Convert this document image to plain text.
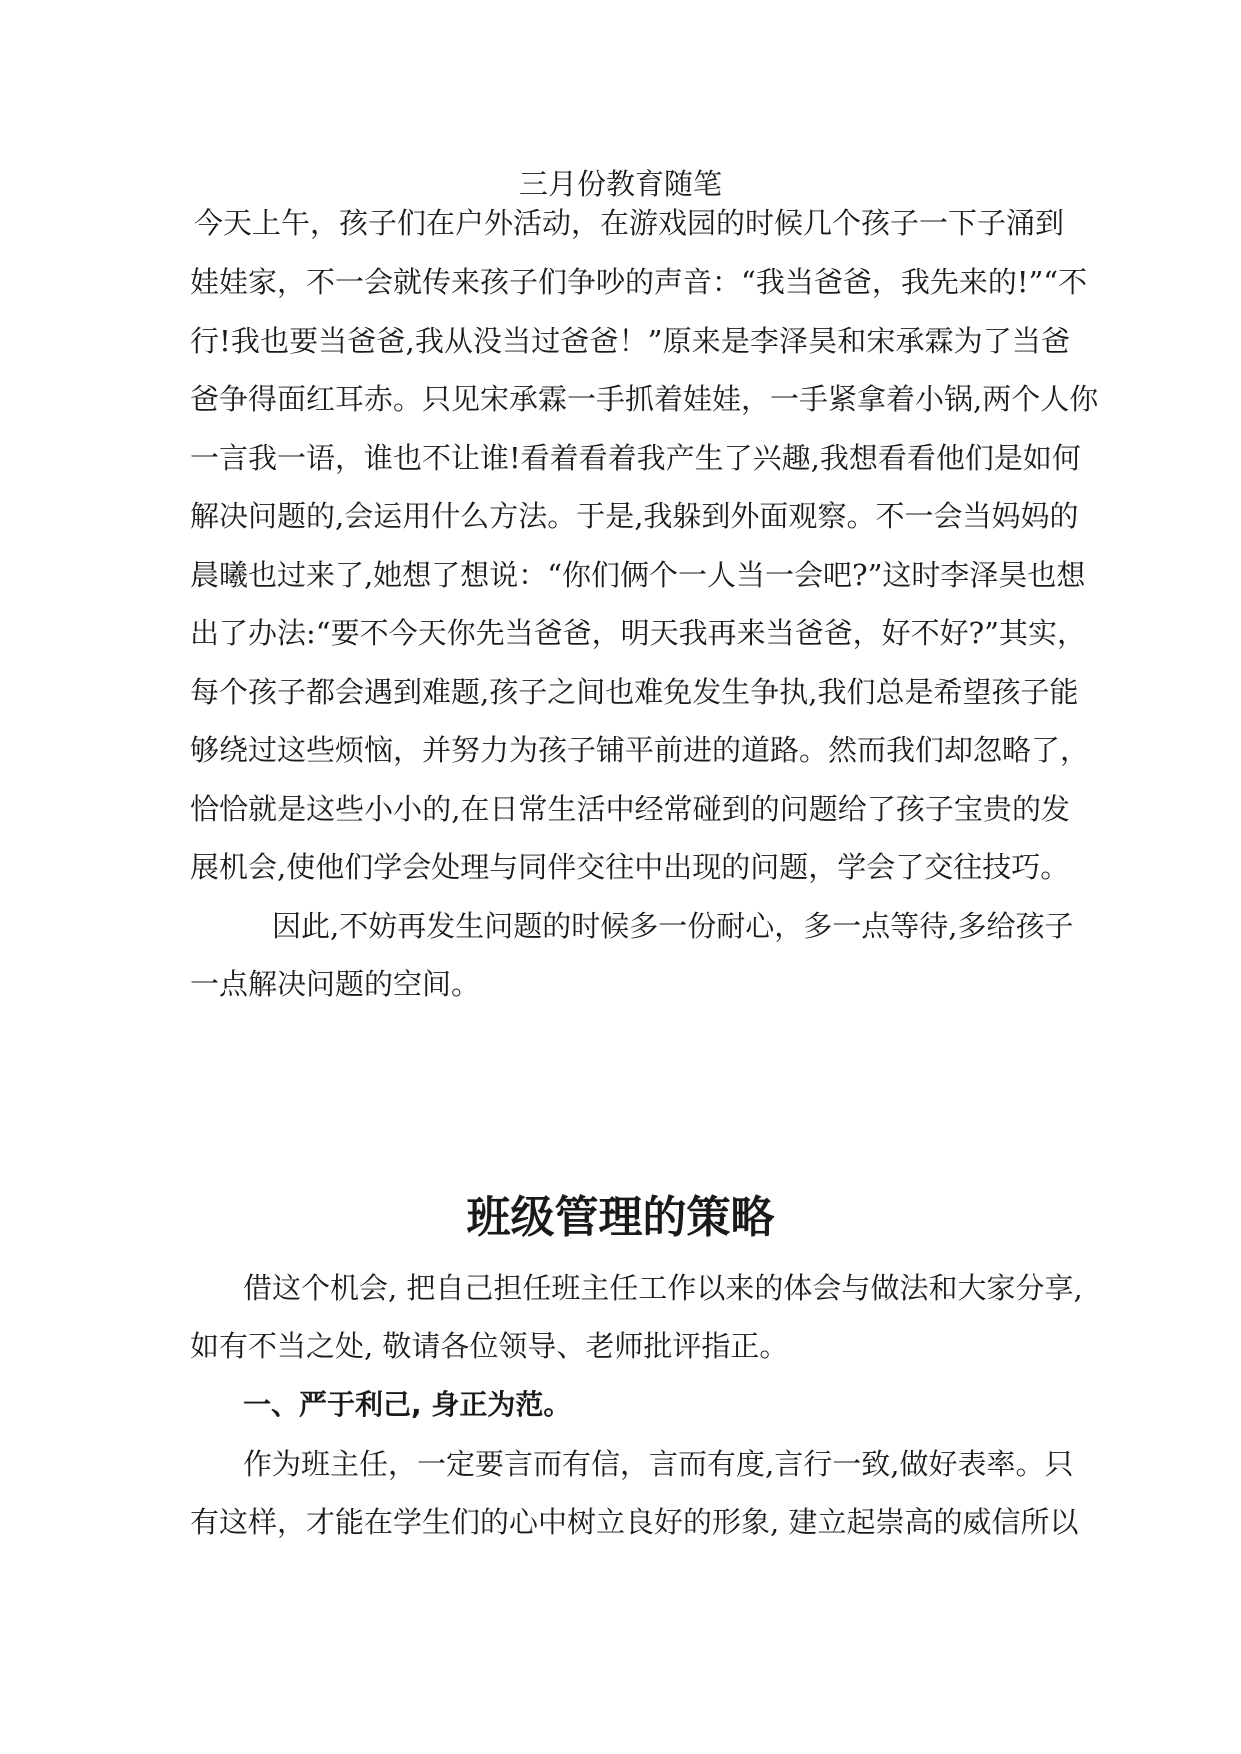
三月份教育随笔
今天上午，孩子们在户外活动，在游戏园的时候几个孩子一下子涌到
娃娃家，不一会就传来孩子们争吵的声音：“我当爸爸，我先来的!”“不
行!我也要当爸爸,我从没当过爸爸！”原来是李泽昊和宋承霖为了当爸
爸争得面红耳赤。只见宋承霖一手抓着娃娃，一手紧拿着小锅,两个人你
一言我一语，谁也不让谁!看着看着我产生了兴趣,我想看看他们是如何
解决问题的,会运用什么方法。于是,我躲到外面观察。不一会当妈妈的
晨曦也过来了,她想了想说：“你们俩个一人当一会吧?”这时李泽昊也想
出了办法:“要不今天你先当爸爸，明天我再来当爸爸，好不好?”其实，
每个孩子都会遇到难题,孩子之间也难免发生争执,我们总是希望孩子能
够绕过这些烦恼，并努力为孩子铺平前进的道路。然而我们却忽略了，
恰恰就是这些小小的,在日常生活中经常碰到的问题给了孩子宝贵的发
展机会,使他们学会处理与同伴交往中出现的问题，学会了交往技巧。
因此,不妨再发生问题的时候多一份耐心，多一点等待,多给孩子
一点解决问题的空间。
班级管理的策略
借这个机会, 把自己担任班主任工作以来的体会与做法和大家分享,
如有不当之处, 敬请各位领导、老师批评指正。
一、严于利己, 身正为范。
作为班主任，一定要言而有信，言而有度,言行一致,做好表率。只
有这样，才能在学生们的心中树立良好的形象, 建立起崇高的威信所以
